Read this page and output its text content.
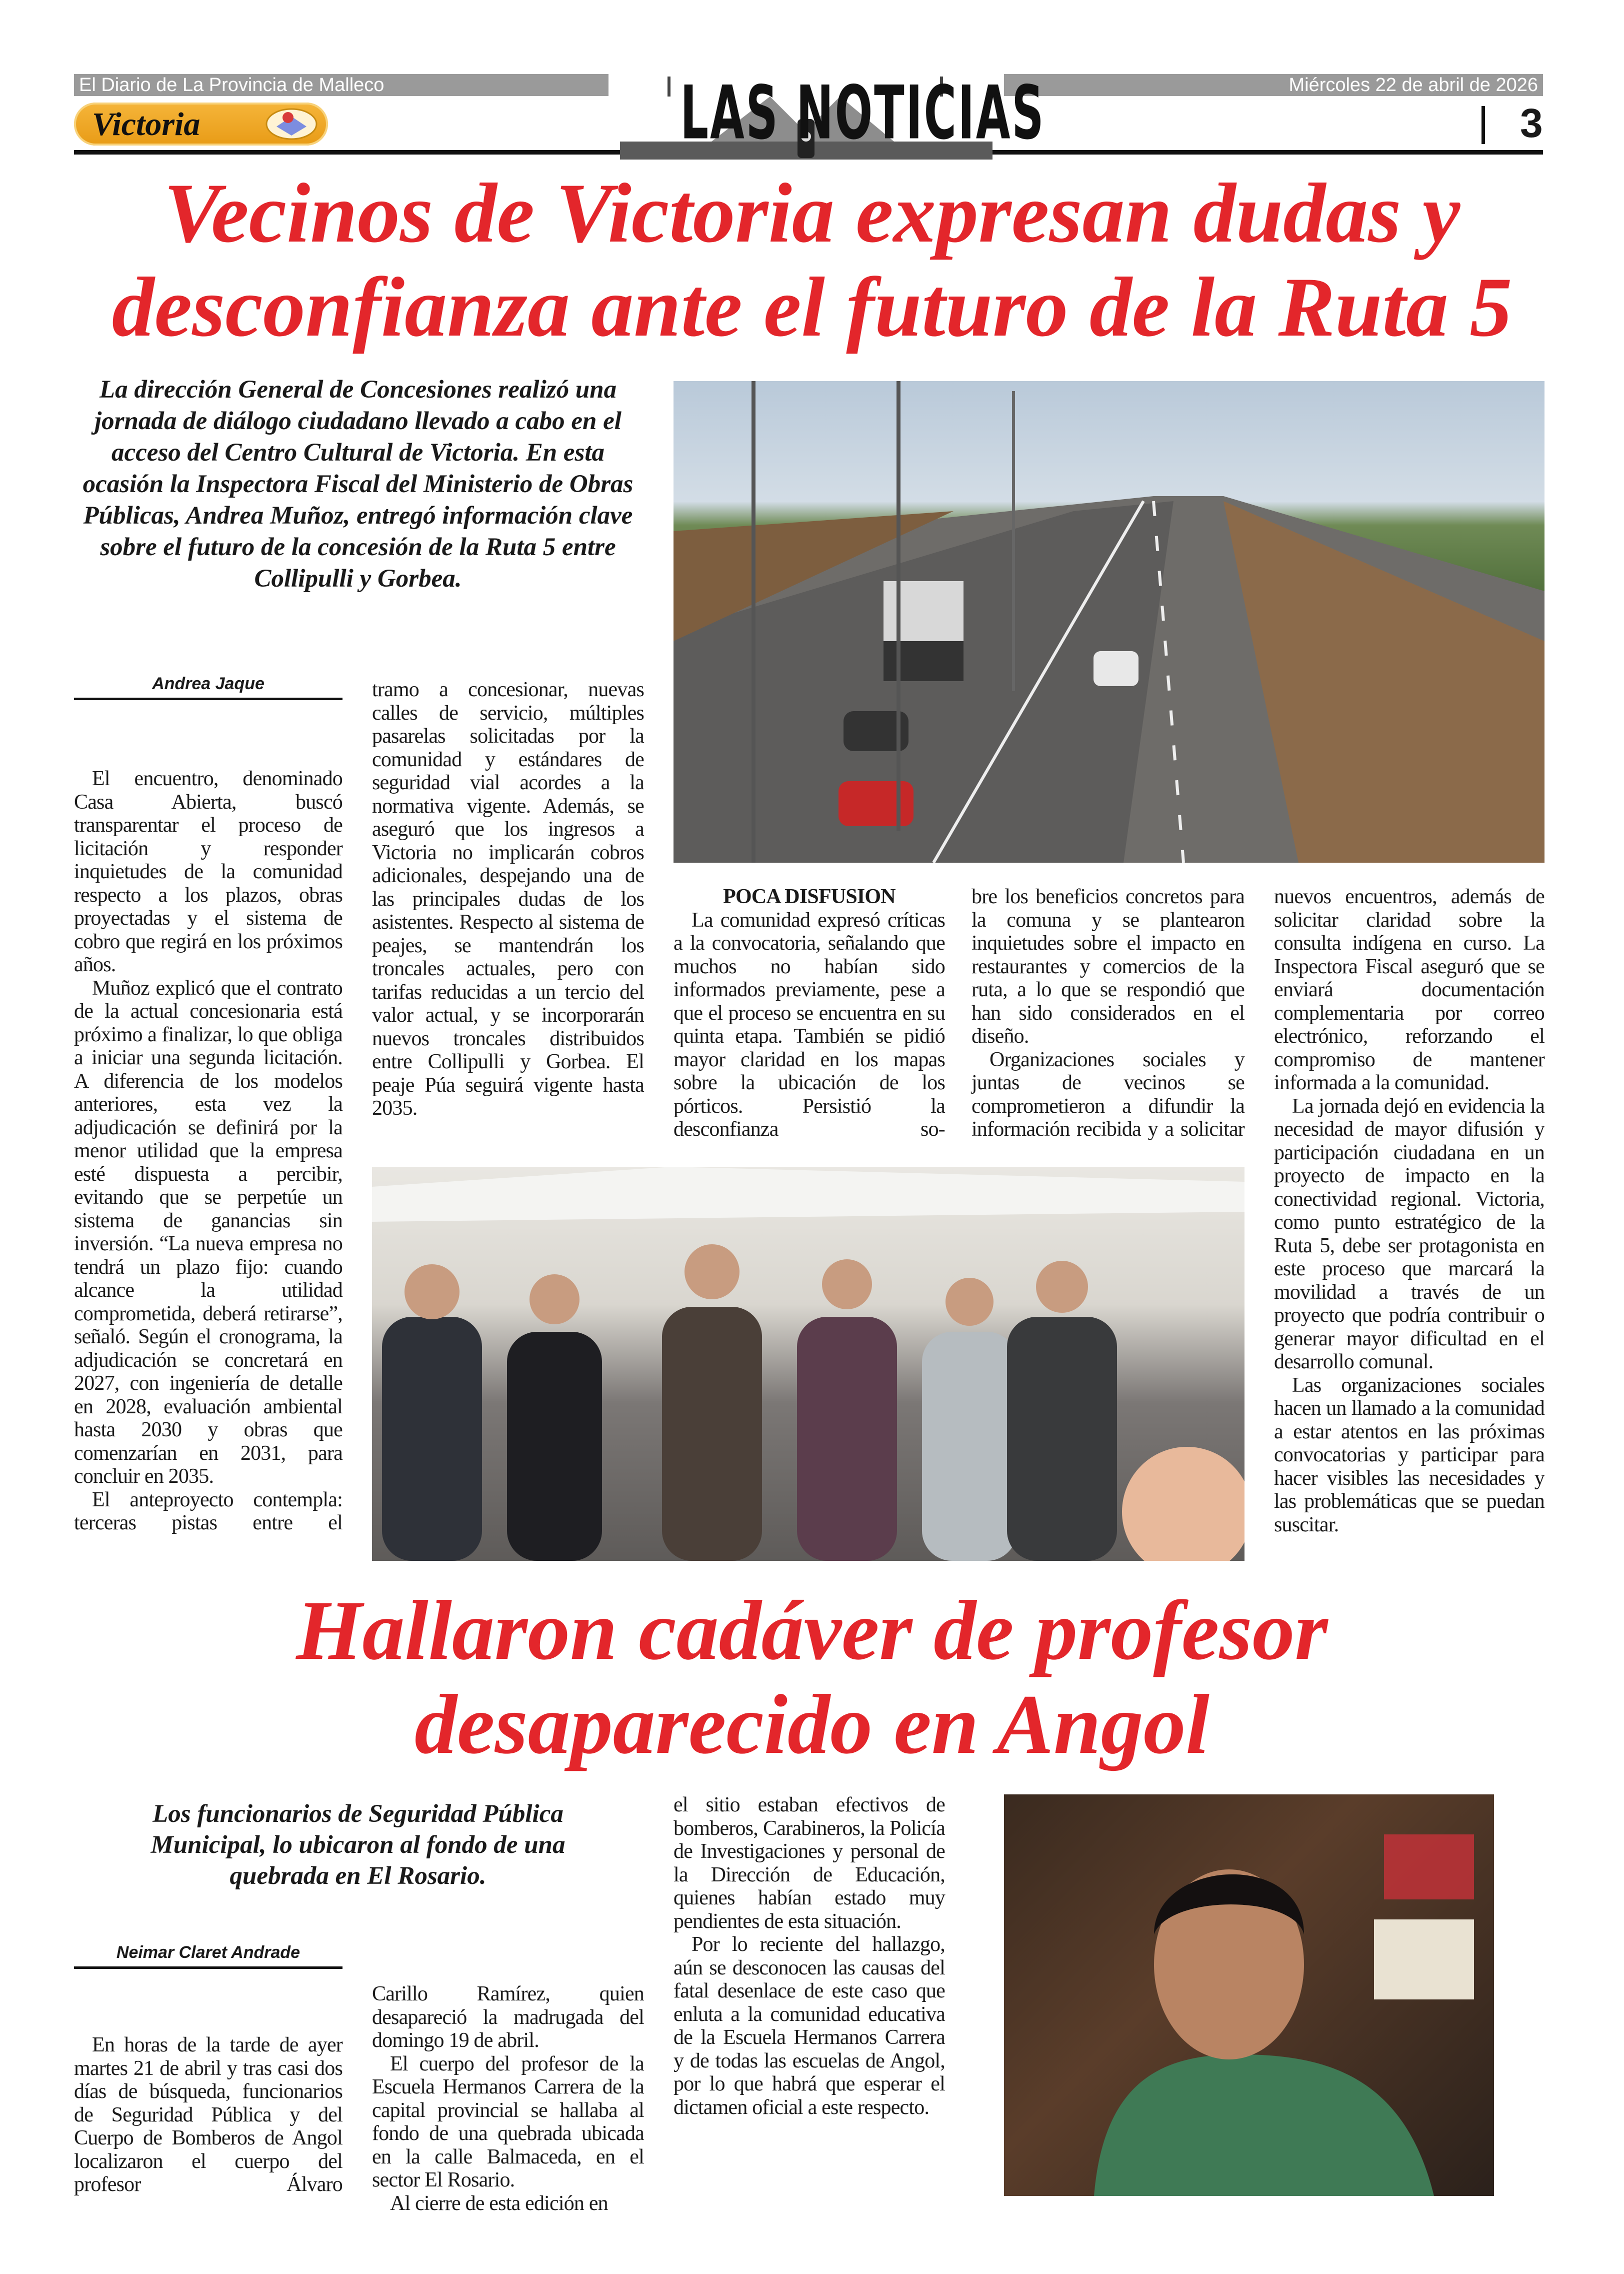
El Diario de La Provincia de Malleco	Miércoles 22 de abril de 2026
LAS NOTICIAS
Victoria	3
Vecinos de Victoria expresan dudas y
desconfianza ante el futuro de la Ruta 5
La dirección General de Concesiones realizó una jornada de diálogo ciudadano llevado a cabo en el acceso del Centro Cultural de Victoria. En esta ocasión la Inspectora Fiscal del Ministerio de Obras Públicas, Andrea Muñoz, entregó información clave sobre el futuro de la concesión de la Ruta 5 entre Collipulli y Gorbea.
Andrea Jaque

El encuentro, denominado Casa Abierta, buscó transparentar el proceso de licitación y responder inquietudes de la comunidad respecto a los plazos, obras proyectadas y el sistema de cobro que regirá en los próximos años.

Muñoz explicó que el contrato de la actual concesionaria está próximo a finalizar, lo que obliga a iniciar una segunda licitación. A diferencia de los modelos anteriores, esta vez la adjudicación se definirá por la menor utilidad que la empresa esté dispuesta a percibir, evitando que se perpetúe un sistema de ganancias sin inversión. “La nueva empresa no tendrá un plazo fijo: cuando alcance la utilidad comprometida, deberá retirarse”, señaló. Según el cronograma, la adjudicación se concretará en 2027, con ingeniería de detalle en 2028, evaluación ambiental hasta 2030 y obras que comenzarían en 2031, para concluir en 2035.

El anteproyecto contempla: terceras pistas entre el

tramo a concesionar, nuevas calles de servicio, múltiples pasarelas solicitadas por la comunidad y estándares de seguridad vial acordes a la normativa vigente. Además, se aseguró que los ingresos a Victoria no implicarán cobros adicionales, despejando una de las principales dudas de los asistentes. Respecto al sistema de peajes, se mantendrán los troncales actuales, pero con tarifas reducidas a un tercio del valor actual, y se incorporarán nuevos troncales distribuidos entre Collipulli y Gorbea. El peaje Púa seguirá vigente hasta 2035.

POCA DISFUSION

La comunidad expresó críticas a la convocatoria, señalando que muchos no habían sido informados previamente, pese a que el proceso se encuentra en su quinta etapa. También se pidió mayor claridad en los mapas sobre la ubicación de los pórticos. Persistió la desconfianza so-

bre los beneficios concretos para la comuna y se plantearon inquietudes sobre el impacto en restaurantes y comercios de la ruta, a lo que se respondió que han sido considerados en el diseño.

Organizaciones sociales y juntas de vecinos se comprometieron a difundir la información recibida y a solicitar

nuevos encuentros, además de solicitar claridad sobre la consulta indígena en curso. La Inspectora Fiscal aseguró que se enviará documentación complementaria por correo electrónico, reforzando el compromiso de mantener informada a la comunidad.

La jornada dejó en evidencia la necesidad de mayor difusión y participación ciudadana en un proyecto de impacto en la conectividad regional. Victoria, como punto estratégico de la Ruta 5, debe ser protagonista en este proceso que marcará la movilidad a través de un proyecto que podría contribuir o generar mayor dificultad en el desarrollo comunal.

Las organizaciones sociales hacen un llamado a la comunidad a estar atentos en las próximas convocatorias y participar para hacer visibles las necesidades y las problemáticas que se puedan suscitar.

Hallaron cadáver de profesor
desaparecido en Angol
Los funcionarios de Seguridad Pública Municipal, lo ubicaron al fondo de una quebrada en El Rosario.
Neimar Claret Andrade

En horas de la tarde de ayer martes 21 de abril y tras casi dos días de búsqueda, funcionarios de Seguridad Pública y del Cuerpo de Bomberos de Angol localizaron el cuerpo del profesor Álvaro

Carillo Ramírez, quien desapareció la madrugada del domingo 19 de abril.

El cuerpo del profesor de la Escuela Hermanos Carrera de la capital provincial se hallaba al fondo de una quebrada ubicada en la calle Balmaceda, en el sector El Rosario.

Al cierre de esta edición en

el sitio estaban efectivos de bomberos, Carabineros, la Policía de Investigaciones y personal de la Dirección de Educación, quienes habían estado muy pendientes de esta situación.

Por lo reciente del hallazgo, aún se desconocen las causas del fatal desenlace de este caso que enluta a la comunidad educativa de la Escuela Hermanos Carrera y de todas las escuelas de Angol, por lo que habrá que esperar el dictamen oficial a este respecto.
